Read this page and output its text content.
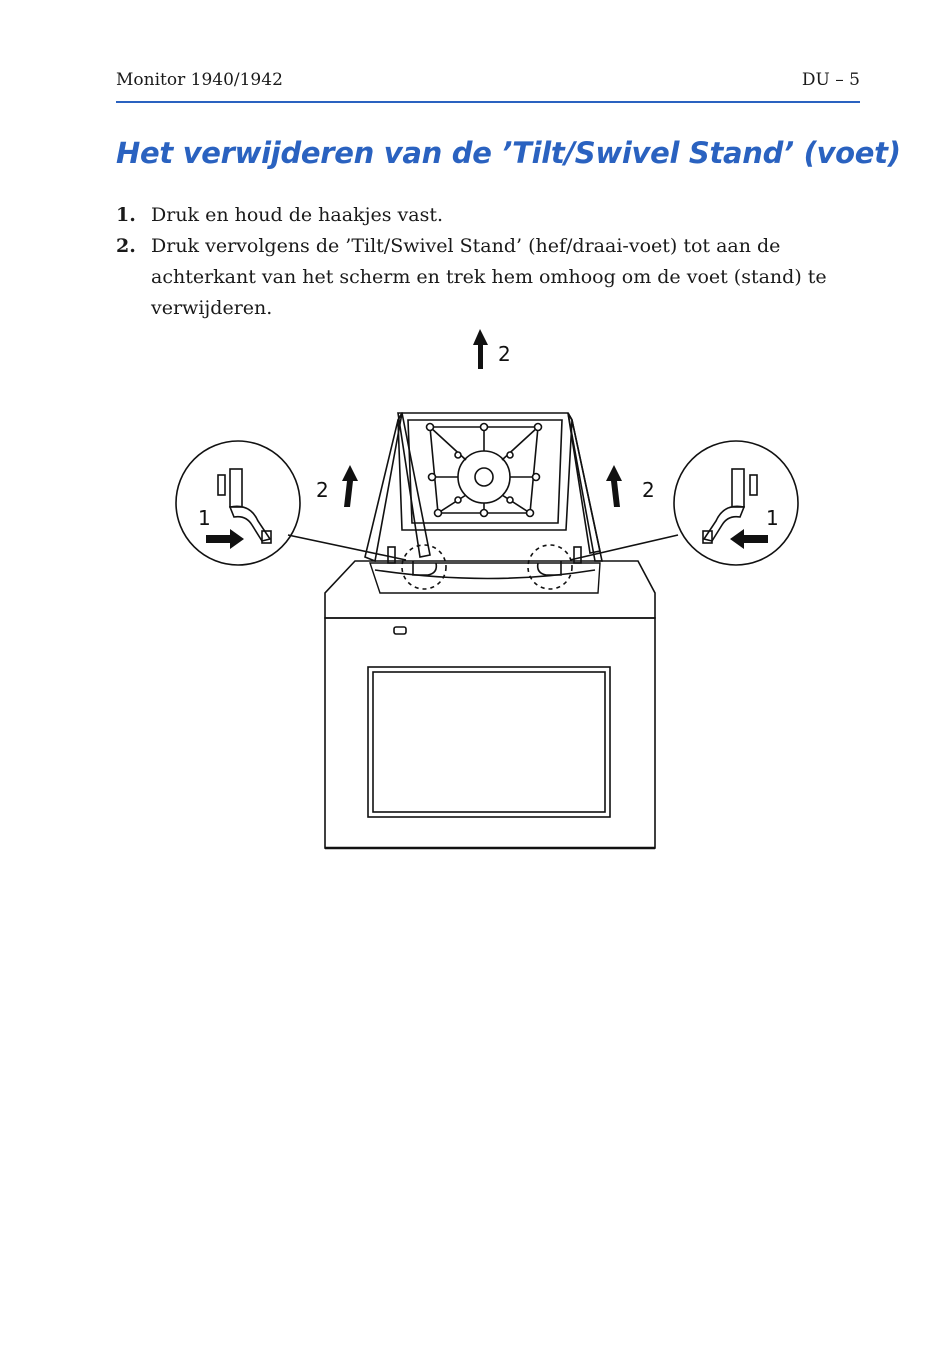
Monitor 1940/1942	DU – 5
Het verwijderen van de ’Tilt/Swivel Stand’ (voet)
1. Druk en houd de haakjes vast.
2. Druk vervolgens de ’Tilt/Swivel Stand’ (hef/draai-voet) tot aan de achterkant van het scherm en trek hem omhoog om de voet (stand) te verwijderen.
2
2	2
1	1
